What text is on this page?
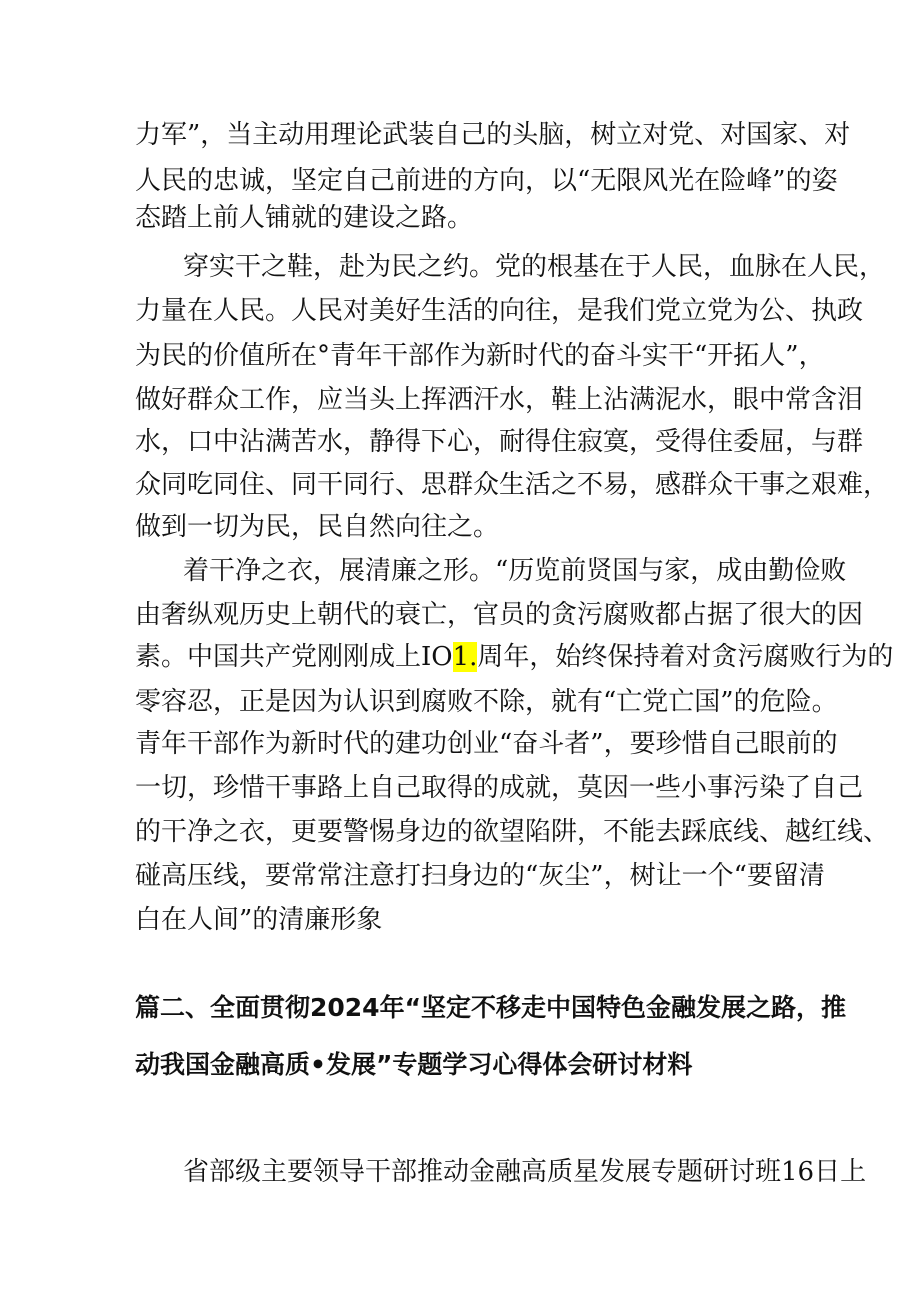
力军”，当主动用理论武装自己的头脑，树立对党、对国家、对
人民的忠诚，坚定自己前进的方向，以“无限风光在险峰”的姿
态踏上前人铺就的建设之路。
穿实干之鞋，赴为民之约。党的根基在于人民，血脉在人民，
力量在人民。人民对美好生活的向往，是我们党立党为公、执政
为民的价值所在°青年干部作为新时代的奋斗实干“开拓人”，
做好群众工作，应当头上挥洒汗水，鞋上沾满泥水，眼中常含泪
水，口中沾满苦水，静得下心，耐得住寂寞，受得住委屈，与群
众同吃同住、同干同行、思群众生活之不易，感群众干事之艰难，
做到一切为民，民自然向往之。
着干净之衣，展清廉之形。“历览前贤国与家，成由勤俭败
由奢纵观历史上朝代的衰亡，官员的贪污腐败都占据了很大的因
素。中国共产党刚刚成上IO1.周年，始终保持着对贪污腐败行为的
零容忍，正是因为认识到腐败不除，就有“亡党亡国”的危险。
青年干部作为新时代的建功创业“奋斗者”，要珍惜自己眼前的
一切，珍惜干事路上自己取得的成就，莫因一些小事污染了自己
的干净之衣，更要警惕身边的欲望陷阱，不能去踩底线、越红线、
碰高压线，要常常注意打扫身边的“灰尘”，树让一个“要留清
白在人间”的清廉形象
篇二、全面贯彻2024年“坚定不移走中国特色金融发展之路，推
动我国金融高质•发展”专题学习心得体会研讨材料
省部级主要领导干部推动金融高质星发展专题研讨班16日上
